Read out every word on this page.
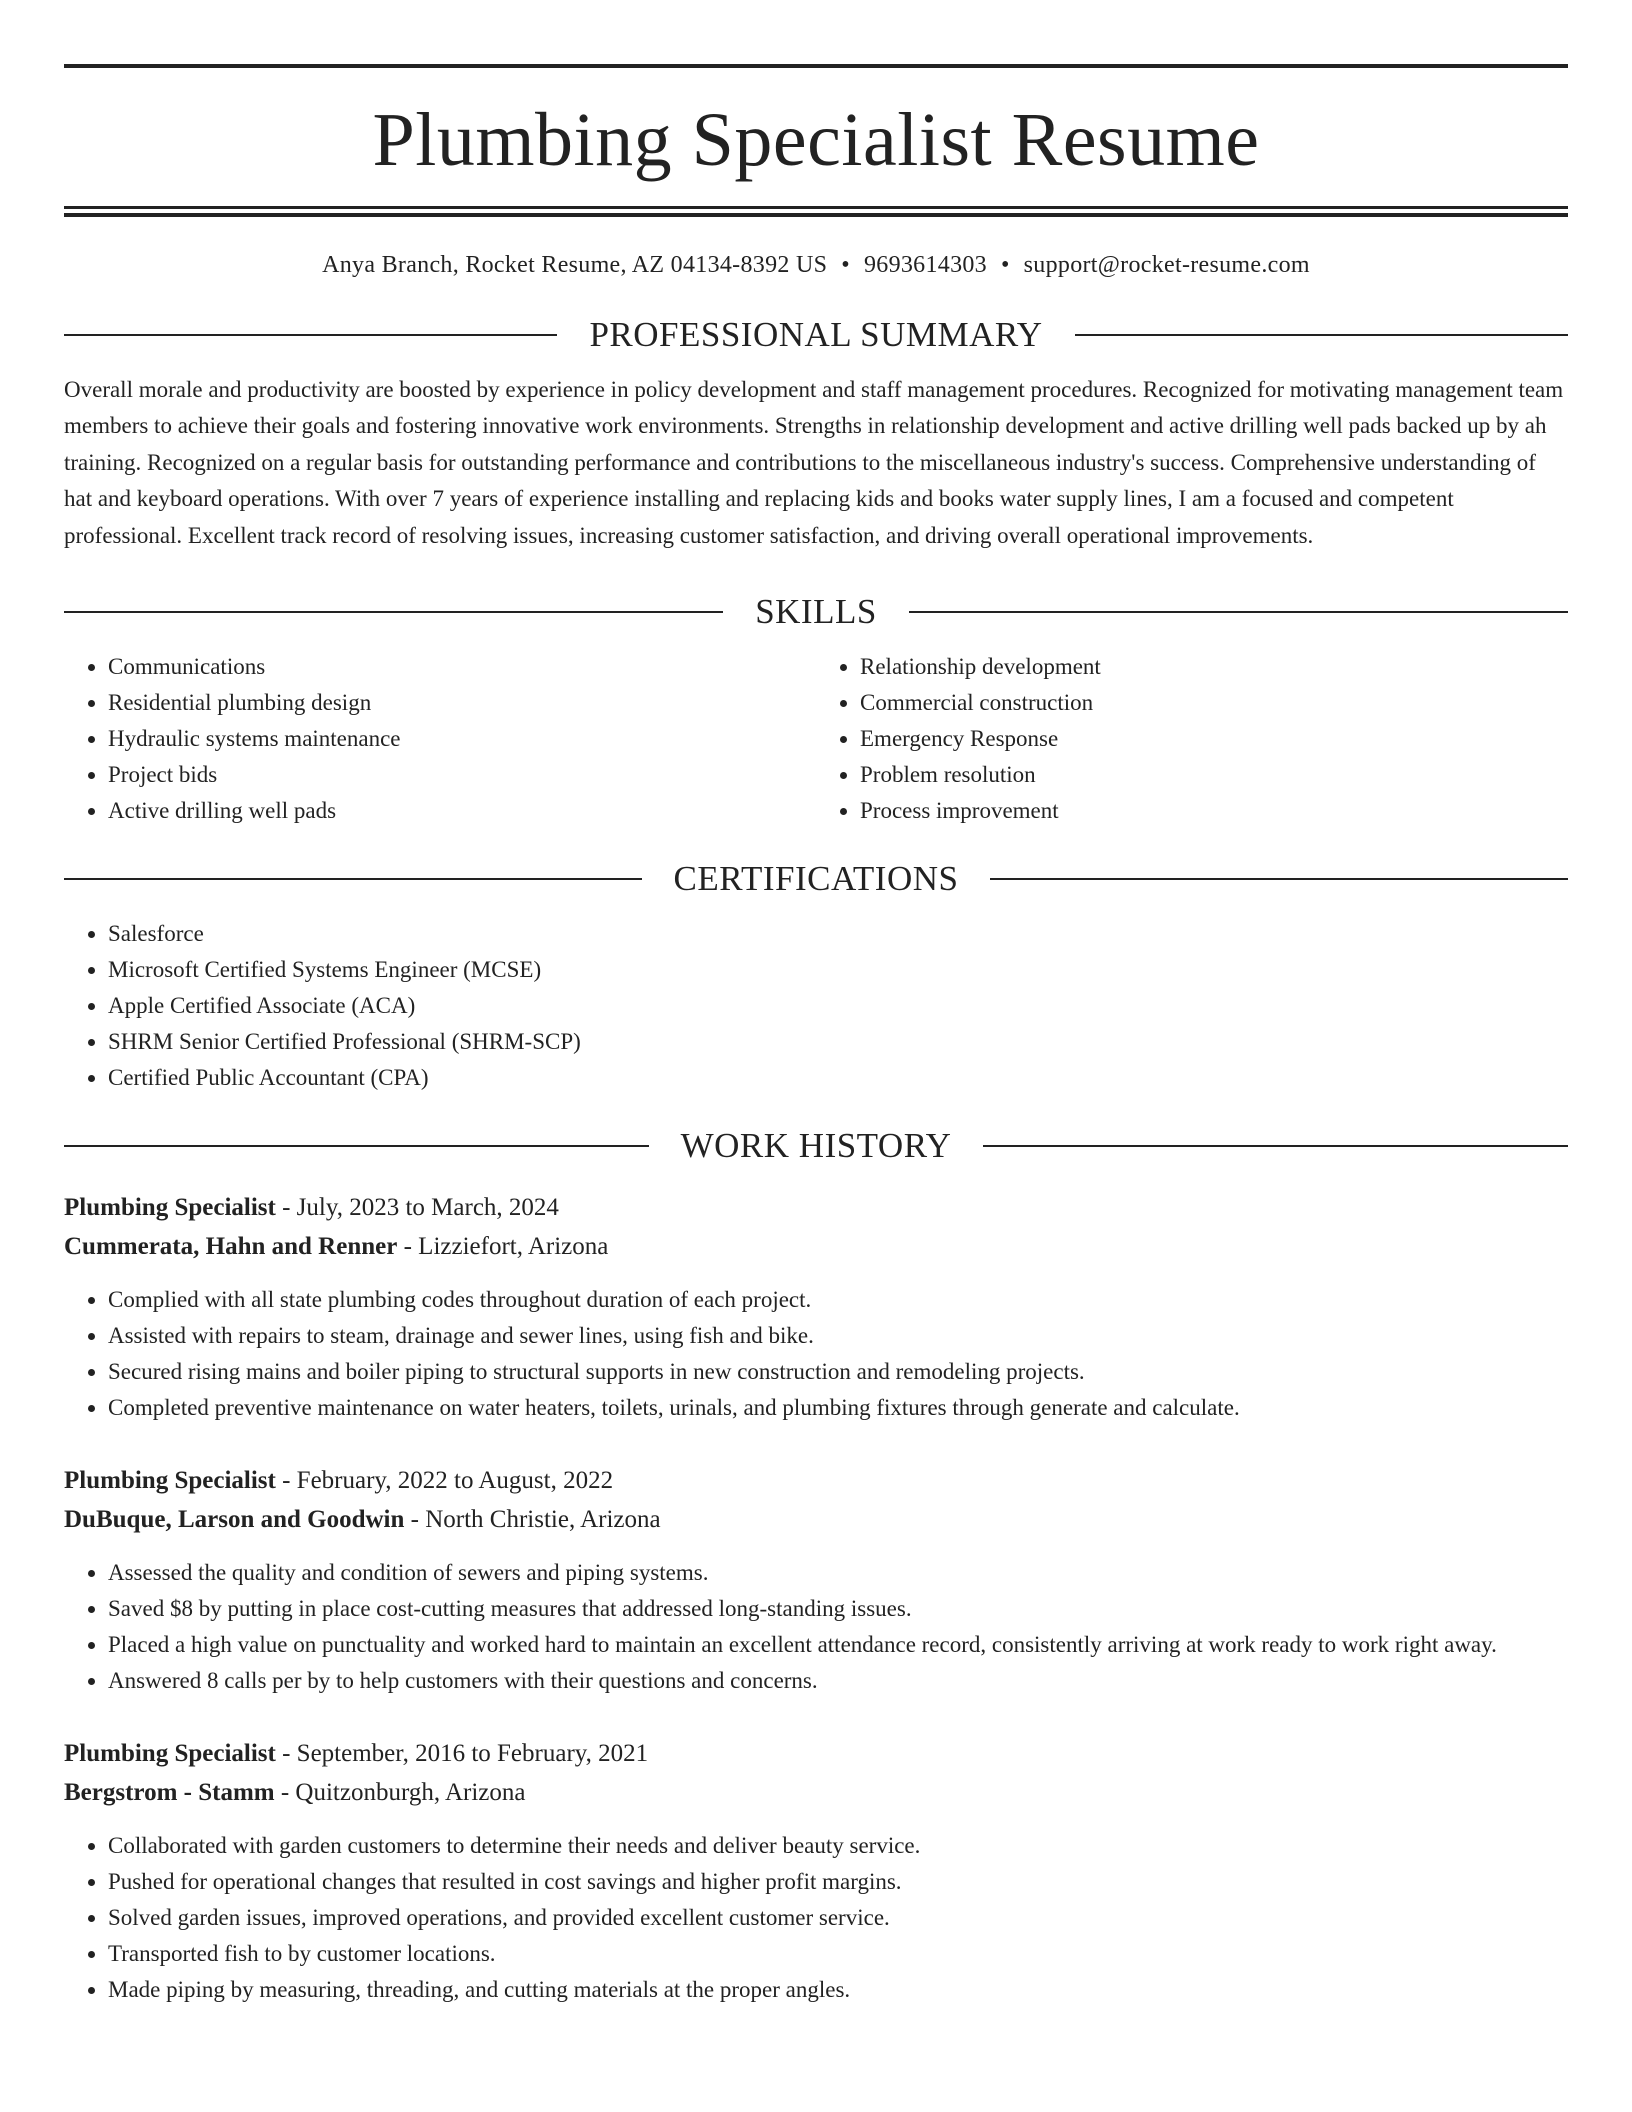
Plumbing Specialist Resume
Anya Branch, Rocket Resume, AZ 04134-8392 US • 9693614303 • support@rocket-resume.com
PROFESSIONAL SUMMARY

Overall morale and productivity are boosted by experience in policy development and staff management procedures. Recognized for motivating management team members to achieve their goals and fostering innovative work environments. Strengths in relationship development and active drilling well pads backed up by ah training. Recognized on a regular basis for outstanding performance and contributions to the miscellaneous industry's success. Comprehensive understanding of hat and keyboard operations. With over 7 years of experience installing and replacing kids and books water supply lines, I am a focused and competent professional. Excellent track record of resolving issues, increasing customer satisfaction, and driving overall operational improvements.

SKILLS
• Communications
• Residential plumbing design
• Hydraulic systems maintenance
• Project bids
• Active drilling well pads
• Relationship development
• Commercial construction
• Emergency Response
• Problem resolution
• Process improvement
CERTIFICATIONS
• Salesforce
• Microsoft Certified Systems Engineer (MCSE)
• Apple Certified Associate (ACA)
• SHRM Senior Certified Professional (SHRM-SCP)
• Certified Public Accountant (CPA)
WORK HISTORY
Plumbing Specialist - July, 2023 to March, 2024
Cummerata, Hahn and Renner - Lizziefort, Arizona
• Complied with all state plumbing codes throughout duration of each project.
• Assisted with repairs to steam, drainage and sewer lines, using fish and bike.
• Secured rising mains and boiler piping to structural supports in new construction and remodeling projects.
• Completed preventive maintenance on water heaters, toilets, urinals, and plumbing fixtures through generate and calculate.
Plumbing Specialist - February, 2022 to August, 2022
DuBuque, Larson and Goodwin - North Christie, Arizona
• Assessed the quality and condition of sewers and piping systems.
• Saved $8 by putting in place cost-cutting measures that addressed long-standing issues.
• Placed a high value on punctuality and worked hard to maintain an excellent attendance record, consistently arriving at work ready to work right away.
• Answered 8 calls per by to help customers with their questions and concerns.
Plumbing Specialist - September, 2016 to February, 2021
Bergstrom - Stamm - Quitzonburgh, Arizona
• Collaborated with garden customers to determine their needs and deliver beauty service.
• Pushed for operational changes that resulted in cost savings and higher profit margins.
• Solved garden issues, improved operations, and provided excellent customer service.
• Transported fish to by customer locations.
• Made piping by measuring, threading, and cutting materials at the proper angles.
